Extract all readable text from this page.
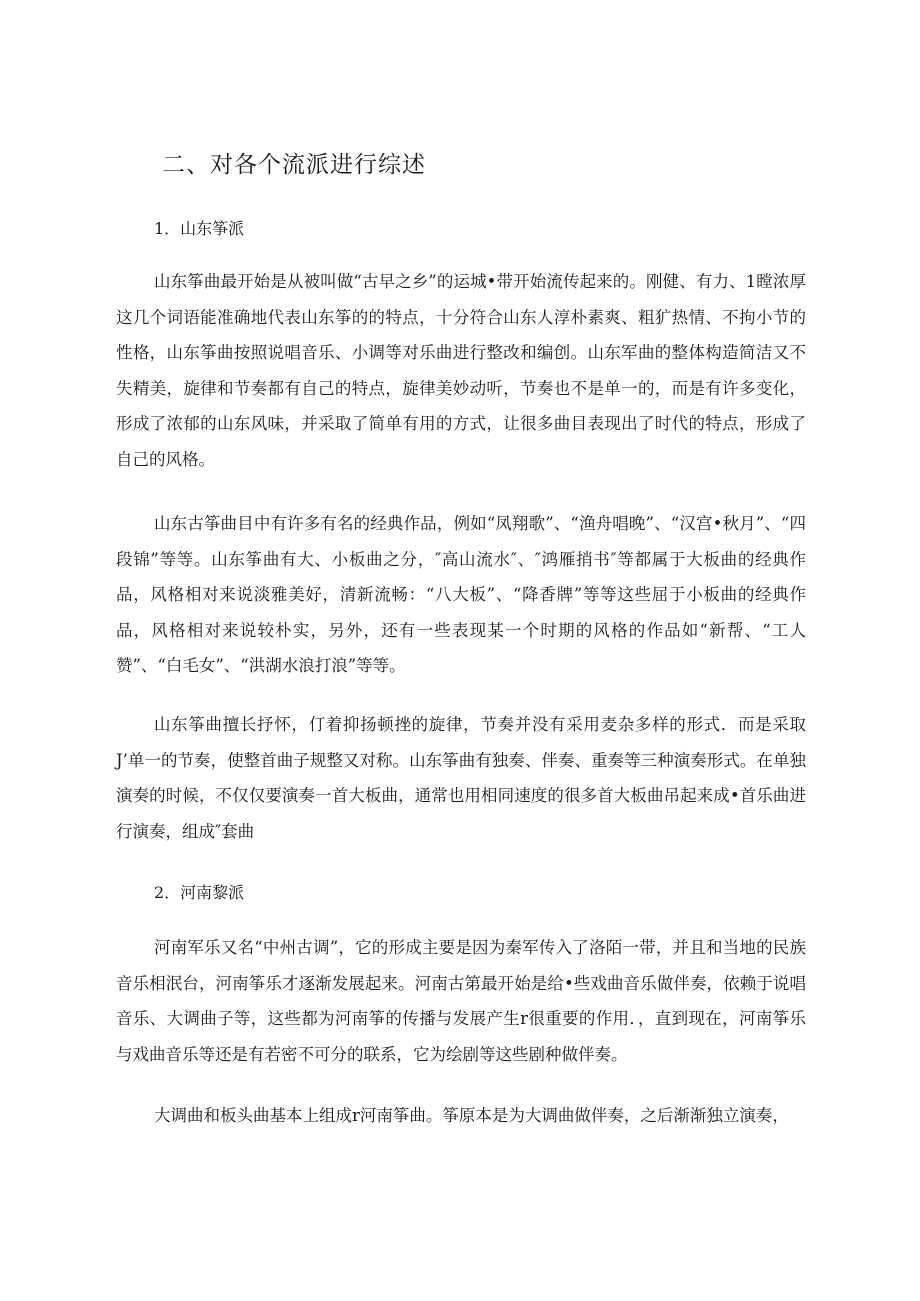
二、对各个流派进行综述
1．山东筝派

山东筝曲最开始是从被叫做“古早之乡”的运城•带开始流传起来的。刚健、有力、1瞠浓厚这几个词语能准确地代表山东筝的的特点，十分符合山东人淳朴素爽、粗犷热情、不拘小节的性格，山东筝曲按照说唱音乐、小调等对乐曲进行整改和编创。山东军曲的整体构造简洁又不失精美，旋律和节奏都有自己的特点，旋律美妙动听，节奏也不是单一的，而是有许多变化，形成了浓郁的山东风味，并采取了简单有用的方式，让很多曲目表现出了时代的特点，形成了自己的风格。

山东古筝曲目中有许多有名的经典作品，例如“凤翔歌”、“渔舟唱晚”、“汉宫•秋月”、“四段锦”等等。山东筝曲有大、小板曲之分，″高山流水″、″鸿雁捎书″等都属于大板曲的经典作品，风格相对来说淡雅美好，清新流畅：“八大板”、“降香牌”等等这些屈于小板曲的经典作品，风格相对来说较朴实，另外，还有一些表现某一个时期的风格的作品如“新帮、“工人赞”、“白毛女”、“洪湖水浪打浪”等等。

山东筝曲擅长抒怀，仃着抑扬顿挫的旋律，节奏并没有采用麦杂多样的形式．而是采取J’单一的节奏，使整首曲子规整又对称。山东筝曲有独奏、伴奏、重奏等三种演奏形式。在单独演奏的时候，不仅仅要演奏一首大板曲，通常也用相同速度的很多首大板曲吊起来成•首乐曲进行演奏，组成″套曲

2．河南黎派

河南军乐又名“中州古调”，它的形成主要是因为秦军传入了洛陌一带，并且和当地的民族音乐相泯台，河南筝乐才逐渐发展起来。河南古第最开始是给•些戏曲音乐做伴奏，依赖于说唱音乐、大调曲子等，这些都为河南筝的传播与发展产生r很重要的作用．，直到现在，河南筝乐与戏曲音乐等还是有若密不可分的联系，它为绘剧等这些剧种做伴奏。

大调曲和板头曲基本上组成r河南筝曲。筝原本是为大调曲做伴奏，之后渐渐独立演奏，
